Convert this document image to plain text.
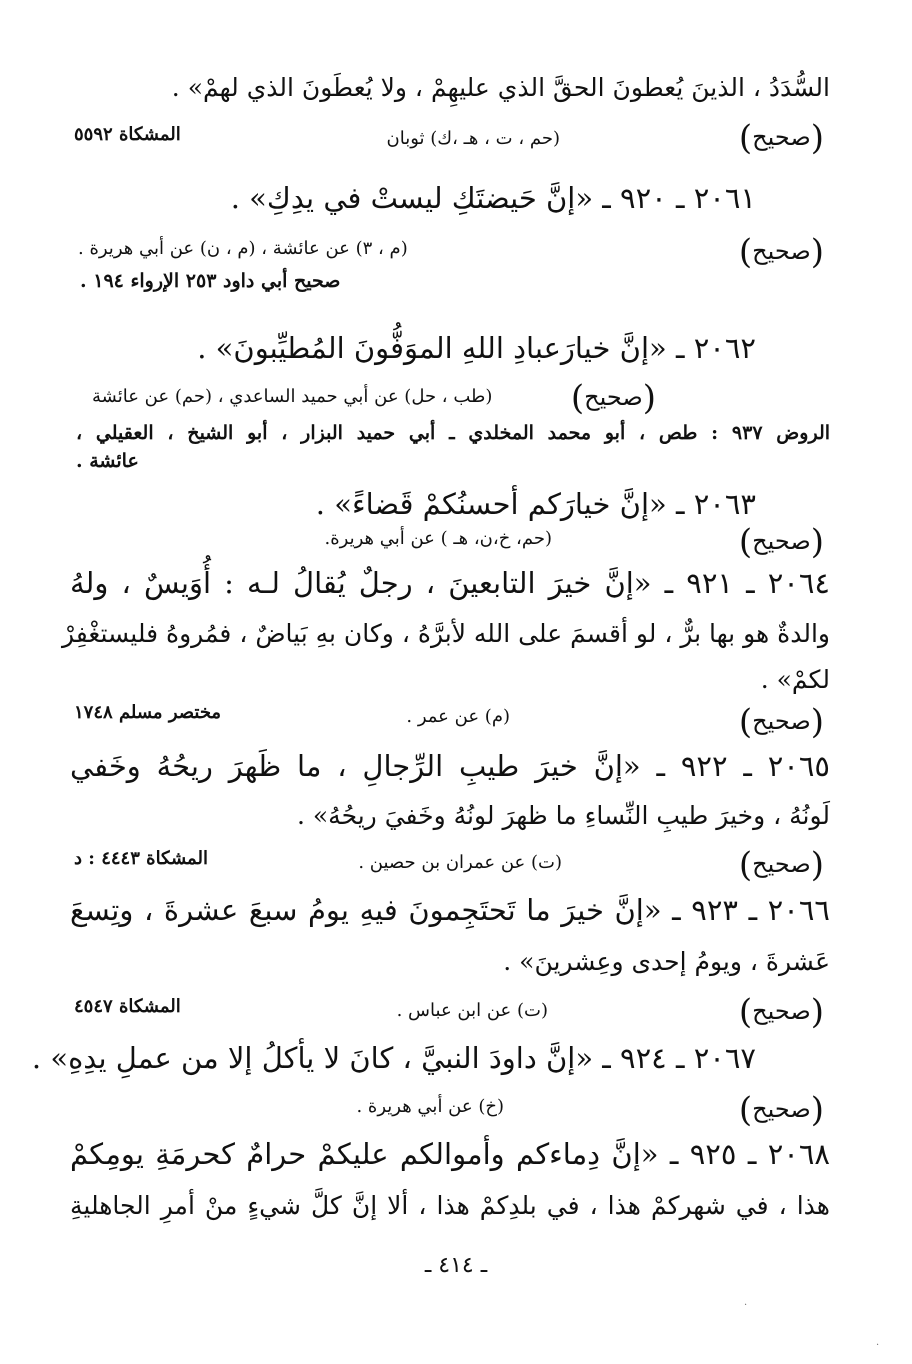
السُّدَدُ ، الذينَ يُعطونَ الحقَّ الذي عليهِمْ ، ولا يُعطَونَ الذي لهمْ» .
(صحيح)
(حم ، ت ، هـ ،ك) ثوبان
المشكاة ٥٥٩٢
٢٠٦١ ـ ٩٢٠ ـ «إنَّ حَيضتَكِ ليستْ في يدِكِ» .
(صحيح)
(م ، ٣) عن عائشة ، (م ، ن) عن أبي هريرة .
صحيح أبي داود ٢٥٣ الإرواء ١٩٤ .
٢٠٦٢ ـ «إنَّ خيارَعبادِ اللهِ الموَفُّونَ المُطيِّبونَ» .
(صحيح)
(طب ، حل) عن أبي حميد الساعدي ، (حم) عن عائشة
الروض ٩٣٧ : طص ، أبو محمد المخلدي ـ أبي حميد البزار ، أبو الشيخ ، العقيلي ،
عائشة .
٢٠٦٣ ـ «إنَّ خيارَكم أحسنُكمْ قَضاءً» .
(صحيح)
(حم، خ،ن، هـ ) عن أبي هريرة.
٢٠٦٤ ـ ٩٢١ ـ «إنَّ خيرَ التابعينَ ، رجلٌ يُقالُ لـه : أُوَيسٌ ، ولهُ
والدةٌ هو بها برٌّ ، لو أقسمَ على الله لأبرَّهُ ، وكان بهِ بَياضٌ ، فمُروهُ فليستغْفِرْ
لكمْ» .
(صحيح)
(م) عن عمر .
مختصر مسلم ١٧٤٨
٢٠٦٥ ـ ٩٢٢ ـ «إنَّ خيرَ طيبِ الرِّجالِ ، ما ظَهرَ ريحُهُ وخَفي
لَونُهُ ، وخيرَ طيبِ النِّساءِ ما ظهرَ لونُهُ وخَفيَ ريحُهُ» .
(صحيح)
(ت) عن عمران بن حصين .
المشكاة ٤٤٤٣ : د
٢٠٦٦ ـ ٩٢٣ ـ «إنَّ خيرَ ما تَحتَجِمونَ فيهِ يومُ سبعَ عشرةَ ، وتِسعَ
عَشرةَ ، ويومُ إحدى وعِشرينَ» .
(صحيح)
(ت) عن ابن عباس .
المشكاة ٤٥٤٧
٢٠٦٧ ـ ٩٢٤ ـ «إنَّ داودَ النبيَّ ، كانَ لا يأكلُ إلا من عملِ يدِهِ» .
(صحيح)
(خ) عن أبي هريرة .
٢٠٦٨ ـ ٩٢٥ ـ «إنَّ دِماءكم وأموالكم عليكمْ حرامٌ كحرمَةِ يومِكمْ
هذا ، في شهركمْ هذا ، في بلدِكمْ هذا ، ألا إنَّ كلَّ شيءٍ منْ أمرِ الجاهليةِ
ـ ٤١٤ ـ
·
·
